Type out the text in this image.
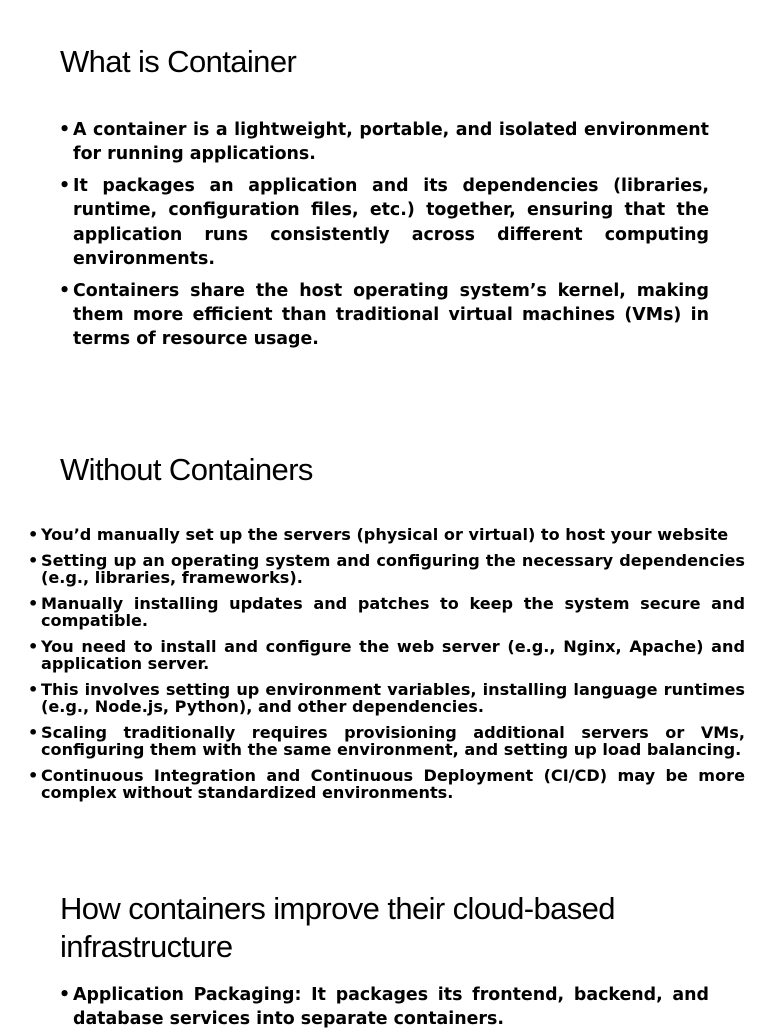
What is Container
• A container is a lightweight, portable, and isolated environment for running applications.
• It packages an application and its dependencies (libraries, runtime, configuration files, etc.) together, ensuring that the application runs consistently across different computing environments.
• Containers share the host operating system’s kernel, making them more efficient than traditional virtual machines (VMs) in terms of resource usage.
Without Containers
• You’d manually set up the servers (physical or virtual) to host your website
• Setting up an operating system and configuring the necessary dependencies (e.g., libraries, frameworks).
• Manually installing updates and patches to keep the system secure and compatible.
• You need to install and configure the web server (e.g., Nginx, Apache) and application server.
• This involves setting up environment variables, installing language runtimes (e.g., Node.js, Python), and other dependencies.
• Scaling traditionally requires provisioning additional servers or VMs, configuring them with the same environment, and setting up load balancing.
• Continuous Integration and Continuous Deployment (CI/CD) may be more complex without standardized environments.
How containers improve their cloud-based infrastructure
• Application Packaging: It packages its frontend, backend, and database services into separate containers.
